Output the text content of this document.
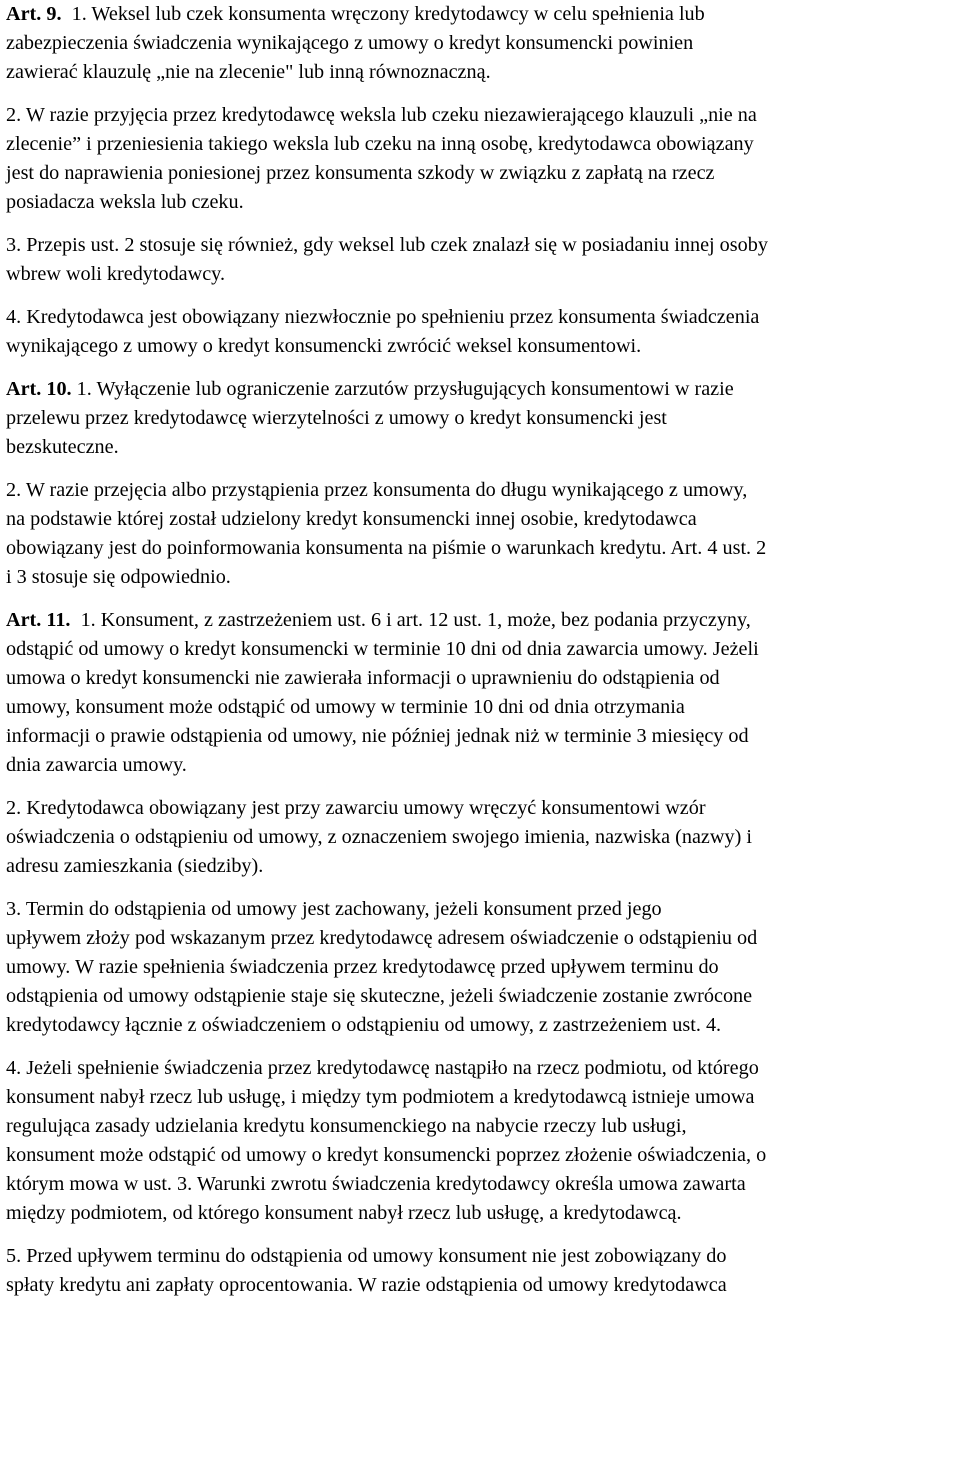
Art. 9.  1. Weksel lub czek konsumenta wręczony kredytodawcy w celu spełnienia lub
zabezpieczenia świadczenia wynikającego z umowy o kredyt konsumencki powinien
zawierać klauzulę „nie na zlecenie" lub inną równoznaczną.

2. W razie przyjęcia przez kredytodawcę weksla lub czeku niezawierającego klauzuli „nie na
zlecenie” i przeniesienia takiego weksla lub czeku na inną osobę, kredytodawca obowiązany
jest do naprawienia poniesionej przez konsumenta szkody w związku z zapłatą na rzecz
posiadacza weksla lub czeku.

3. Przepis ust. 2 stosuje się również, gdy weksel lub czek znalazł się w posiadaniu innej osoby
wbrew woli kredytodawcy.

4. Kredytodawca jest obowiązany niezwłocznie po spełnieniu przez konsumenta świadczenia
wynikającego z umowy o kredyt konsumencki zwrócić weksel konsumentowi.

Art. 10. 1. Wyłączenie lub ograniczenie zarzutów przysługujących konsumentowi w razie
przelewu przez kredytodawcę wierzytelności z umowy o kredyt konsumencki jest
bezskuteczne.

2. W razie przejęcia albo przystąpienia przez konsumenta do długu wynikającego z umowy,
na podstawie której został udzielony kredyt konsumencki innej osobie, kredytodawca
obowiązany jest do poinformowania konsumenta na piśmie o warunkach kredytu. Art. 4 ust. 2
i 3 stosuje się odpowiednio.

Art. 11.  1. Konsument, z zastrzeżeniem ust. 6 i art. 12 ust. 1, może, bez podania przyczyny,
odstąpić od umowy o kredyt konsumencki w terminie 10 dni od dnia zawarcia umowy. Jeżeli
umowa o kredyt konsumencki nie zawierała informacji o uprawnieniu do odstąpienia od
umowy, konsument może odstąpić od umowy w terminie 10 dni od dnia otrzymania
informacji o prawie odstąpienia od umowy, nie później jednak niż w terminie 3 miesięcy od
dnia zawarcia umowy.

2. Kredytodawca obowiązany jest przy zawarciu umowy wręczyć konsumentowi wzór
oświadczenia o odstąpieniu od umowy, z oznaczeniem swojego imienia, nazwiska (nazwy) i
adresu zamieszkania (siedziby).

3. Termin do odstąpienia od umowy jest zachowany, jeżeli konsument przed jego
upływem złoży pod wskazanym przez kredytodawcę adresem oświadczenie o odstąpieniu od
umowy. W razie spełnienia świadczenia przez kredytodawcę przed upływem terminu do
odstąpienia od umowy odstąpienie staje się skuteczne, jeżeli świadczenie zostanie zwrócone
kredytodawcy łącznie z oświadczeniem o odstąpieniu od umowy, z zastrzeżeniem ust. 4.

4. Jeżeli spełnienie świadczenia przez kredytodawcę nastąpiło na rzecz podmiotu, od którego
konsument nabył rzecz lub usługę, i między tym podmiotem a kredytodawcą istnieje umowa
regulująca zasady udzielania kredytu konsumenckiego na nabycie rzeczy lub usługi,
konsument może odstąpić od umowy o kredyt konsumencki poprzez złożenie oświadczenia, o
którym mowa w ust. 3. Warunki zwrotu świadczenia kredytodawcy określa umowa zawarta
między podmiotem, od którego konsument nabył rzecz lub usługę, a kredytodawcą.

5. Przed upływem terminu do odstąpienia od umowy konsument nie jest zobowiązany do
spłaty kredytu ani zapłaty oprocentowania. W razie odstąpienia od umowy kredytodawca
